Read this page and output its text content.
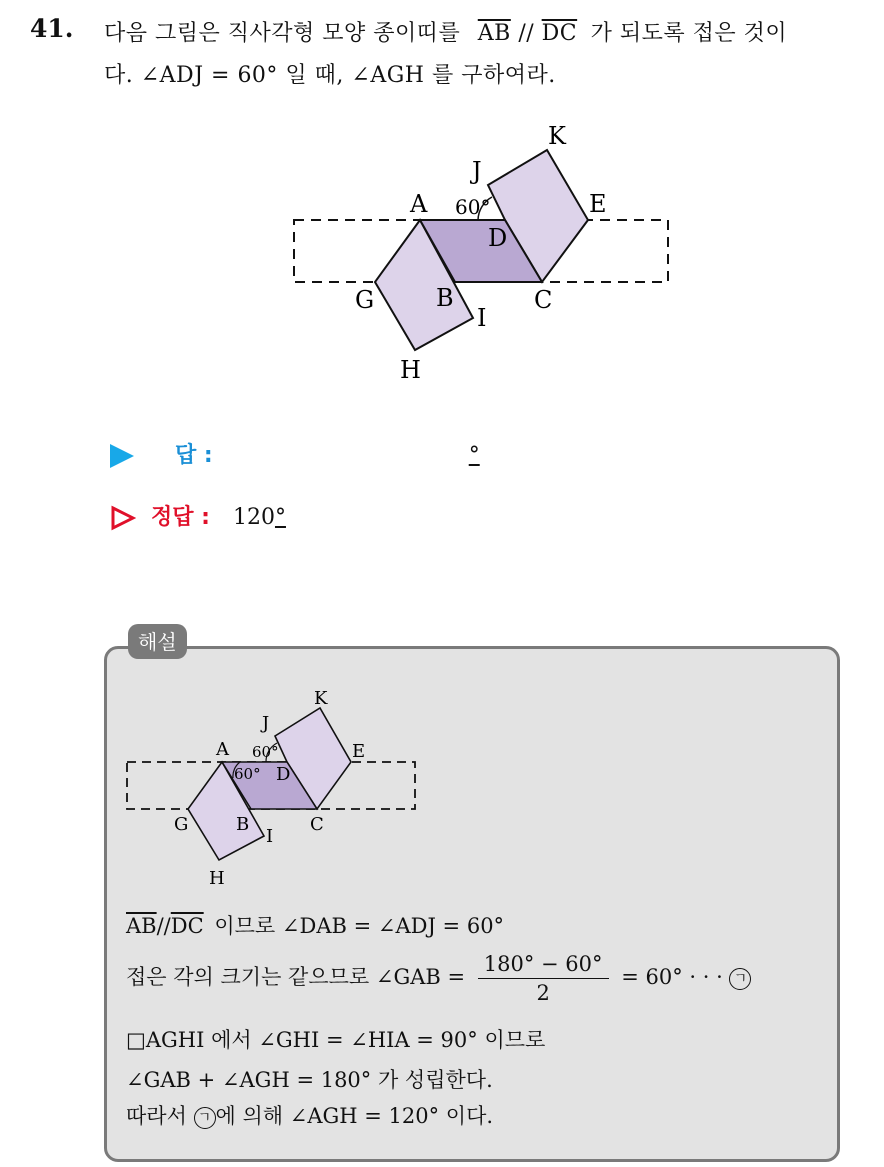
41. 다음 그림은 직사각형 모양 종이띠를 $\overline{AB} // \overline{DC}$ 가 되도록 접은 것이
다. ∠ADJ = 60° 일 때, ∠AGH 를 구하여라.
K
J
A 60°	E
D
G	B	C
I
H
답 :	°
정답 : 120°
해설
K
J
A 60°
60° D
E
G	B	C
I
H
$\overline{AB}//\overline{DC}$ 이므로 ∠DAB = ∠ADJ = 60°
접은 각의 크기는 같으므로 ∠GAB = $\frac{180^\circ - 60^\circ}{2} = 60^\circ$ · · · ㄱ
□AGHI 에서 ∠GHI = ∠HIA = 90° 이므로
∠GAB + ∠AGH = 180° 가 성립한다.
따라서 ㄱ 에 의해 ∠AGH = 120° 이다.
